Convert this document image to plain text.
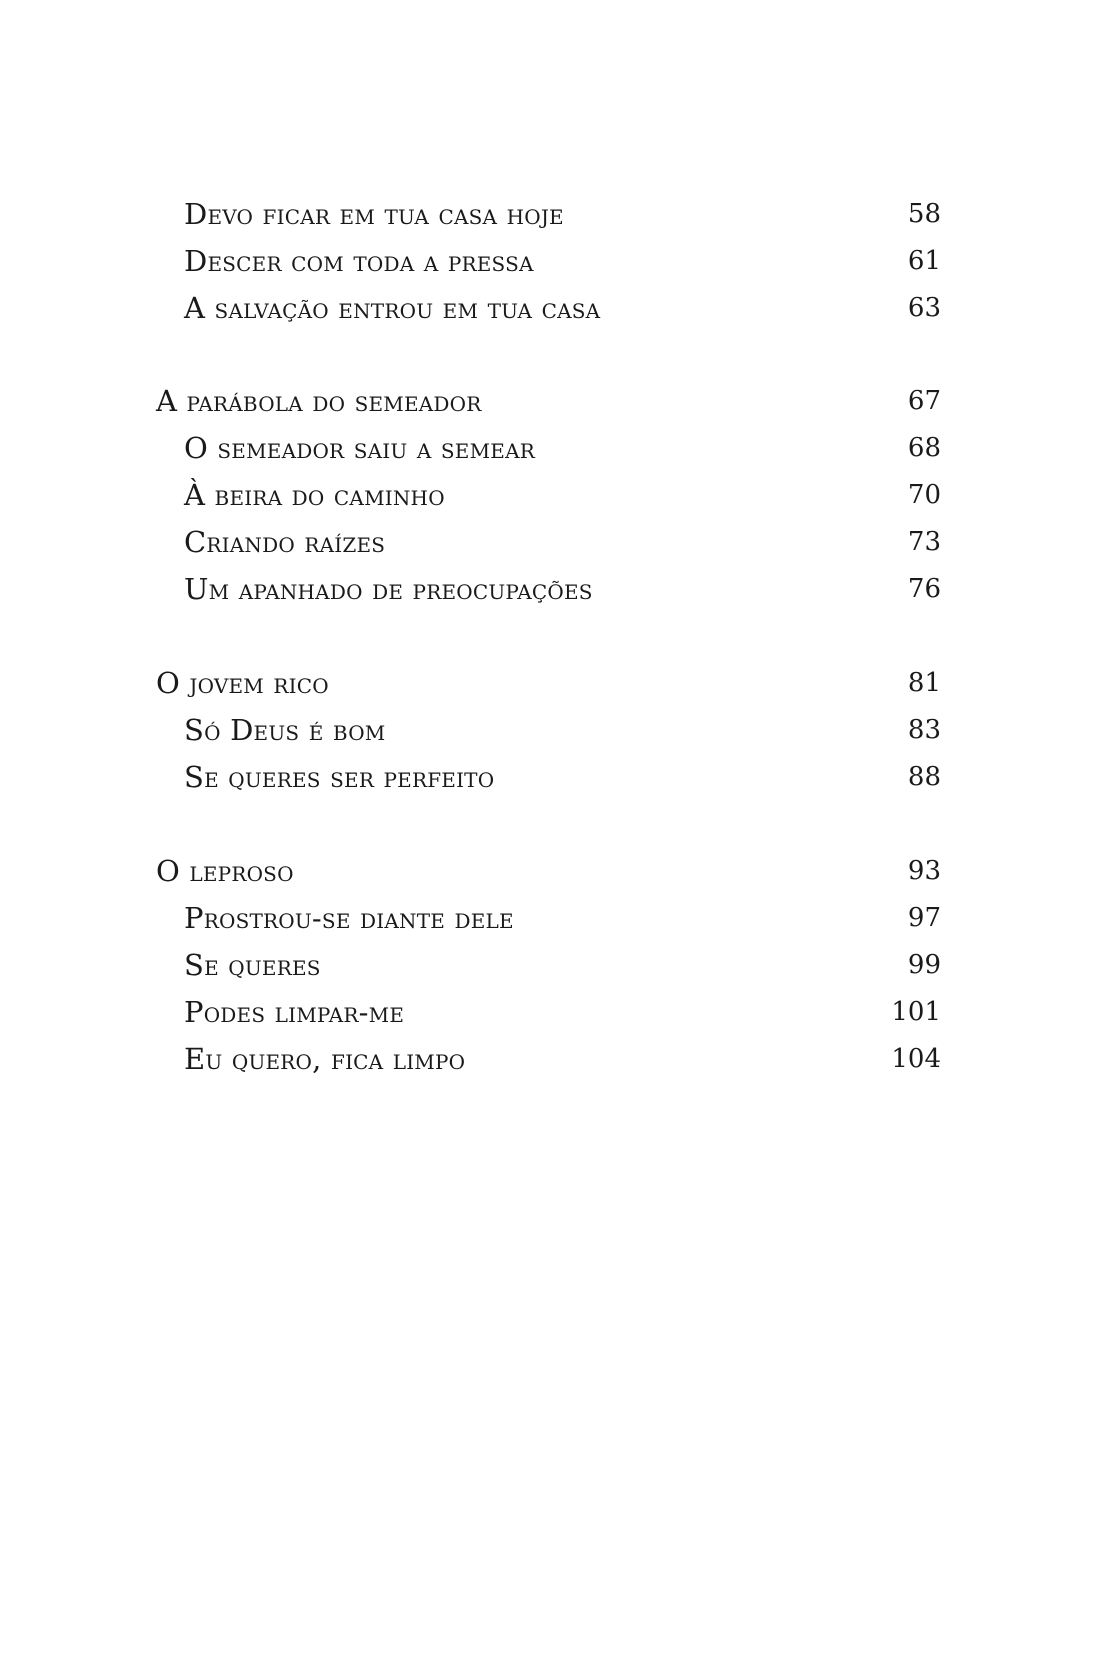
Devo ficar em tua casa hoje	58
Descer com toda a pressa	61
A salvação entrou em tua casa	63
A parábola do semeador	67
O semeador saiu a semear	68
À beira do caminho	70
Criando raízes	73
Um apanhado de preocupações	76
O jovem rico	81
Só Deus é bom	83
Se queres ser perfeito	88
O leproso	93
Prostrou-se diante dele	97
Se queres	99
Podes limpar-me	101
Eu quero, fica limpo	104
